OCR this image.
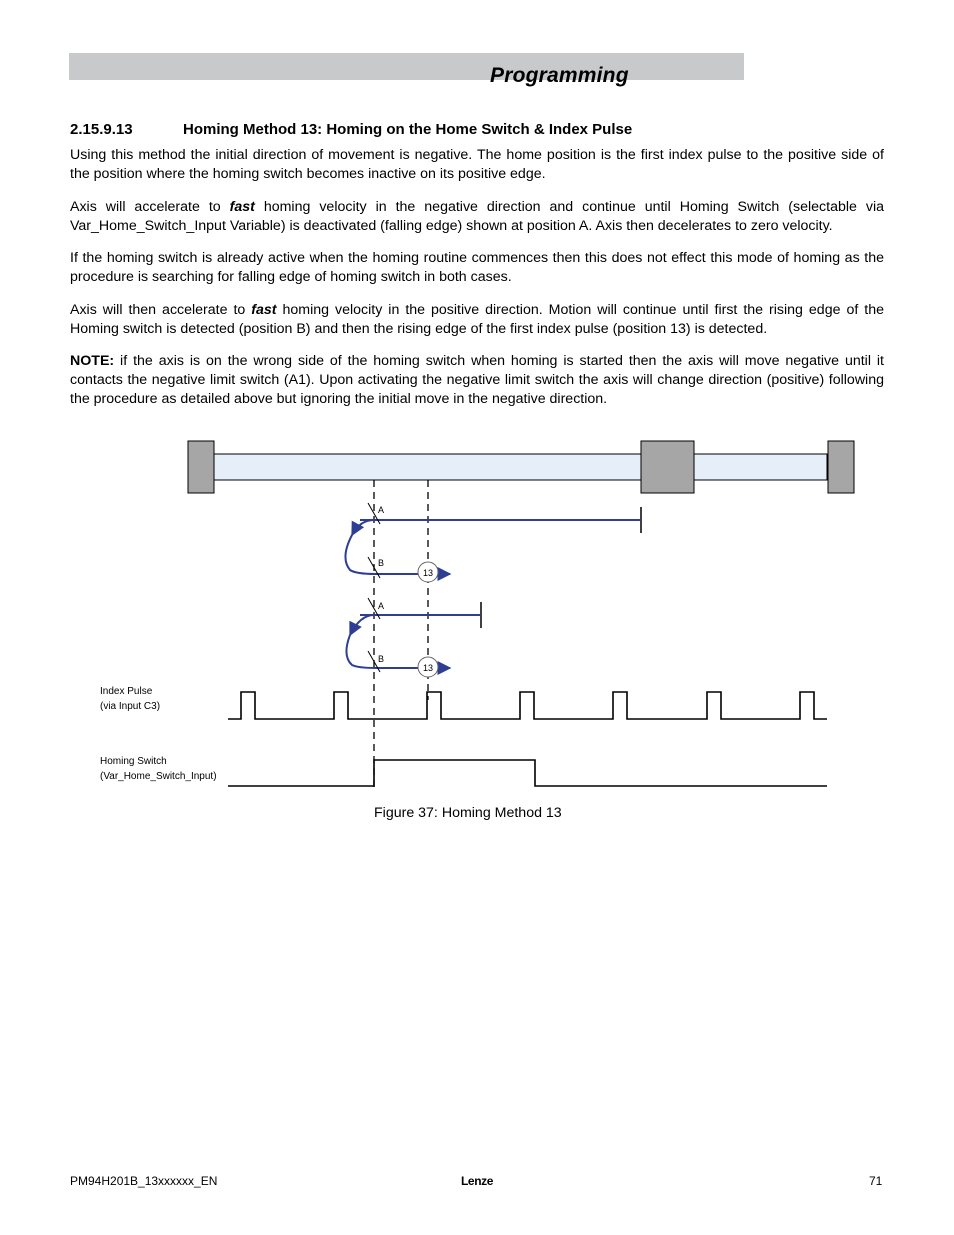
Programming
2.15.9.13	Homing Method 13: Homing on the Home Switch & Index Pulse

Using this method the initial direction of movement is negative. The home position is the first index pulse to the positive side of the position where the homing switch becomes inactive on its positive edge.

Axis will accelerate to fast homing velocity in the negative direction and continue until Homing Switch (selectable via Var_Home_Switch_Input Variable) is deactivated (falling edge) shown at position A. Axis then decelerates to zero velocity.

If the homing switch is already active when the homing routine commences then this does not effect this mode of homing as the procedure is searching for falling edge of homing switch in both cases.

Axis will then accelerate to fast homing velocity in the positive direction. Motion will continue until first the rising edge of the Homing switch is detected (position B) and then the rising edge of the first index pulse (position 13) is detected.

NOTE: if the axis is on the wrong side of the homing switch when homing is started then the axis will move negative until it contacts the negative limit switch (A1). Upon activating the negative limit switch the axis will change direction (positive) following the procedure as detailed above but ignoring the initial move in the negative direction.

A
B
13
A
B
13
Index Pulse
(via Input C3)
Homing Switch
(Var_Home_Switch_Input)
Figure 37: Homing Method 13
PM94H201B_13xxxxxx_EN	Lenze	71
